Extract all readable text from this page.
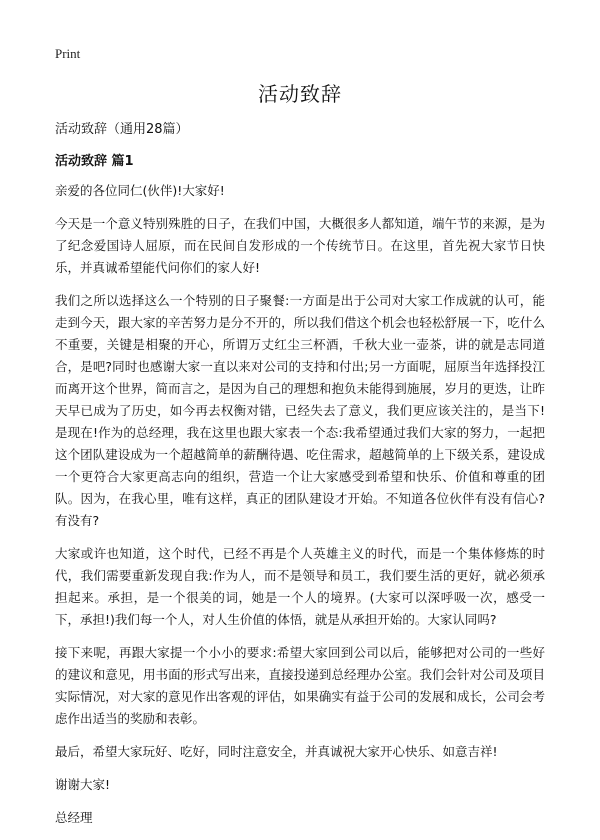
Print
活动致辞

活动致辞（通用28篇）

活动致辞 篇1

亲爱的各位同仁(伙伴)!大家好!

今天是一个意义特别殊胜的日子，在我们中国，大概很多人都知道，端午节的来源，是为了纪念爱国诗人屈原，而在民间自发形成的一个传统节日。在这里，首先祝大家节日快乐，并真诚希望能代问你们的家人好!

我们之所以选择这么一个特别的日子聚餐:一方面是出于公司对大家工作成就的认可，能走到今天，跟大家的辛苦努力是分不开的，所以我们借这个机会也轻松舒展一下，吃什么不重要，关键是相聚的开心，所谓万丈红尘三杯酒，千秋大业一壶茶，讲的就是志同道合，是吧?同时也感谢大家一直以来对公司的支持和付出;另一方面呢，屈原当年选择投江而离开这个世界，简而言之，是因为自己的理想和抱负未能得到施展，岁月的更迭，让昨天早已成为了历史，如今再去权衡对错，已经失去了意义，我们更应该关注的，是当下!是现在!作为的总经理，我在这里也跟大家表一个态:我希望通过我们大家的努力，一起把这个团队建设成为一个超越简单的薪酬待遇、吃住需求，超越简单的上下级关系，建设成一个更符合大家更高志向的组织，营造一个让大家感受到希望和快乐、价值和尊重的团队。因为，在我心里，唯有这样，真正的团队建设才开始。不知道各位伙伴有没有信心?有没有?

大家或许也知道，这个时代，已经不再是个人英雄主义的时代，而是一个集体修炼的时代，我们需要重新发现自我:作为人，而不是领导和员工，我们要生活的更好，就必须承担起来。承担，是一个很美的词，她是一个人的境界。(大家可以深呼吸一次，感受一下，承担!)我们每一个人，对人生价值的体悟，就是从承担开始的。大家认同吗?

接下来呢，再跟大家提一个小小的要求:希望大家回到公司以后，能够把对公司的一些好的建议和意见，用书面的形式写出来，直接投递到总经理办公室。我们会针对公司及项目实际情况，对大家的意见作出客观的评估，如果确实有益于公司的发展和成长，公司会考虑作出适当的奖励和表彰。

最后，希望大家玩好、吃好，同时注意安全，并真诚祝大家开心快乐、如意吉祥!

谢谢大家!

总经理
